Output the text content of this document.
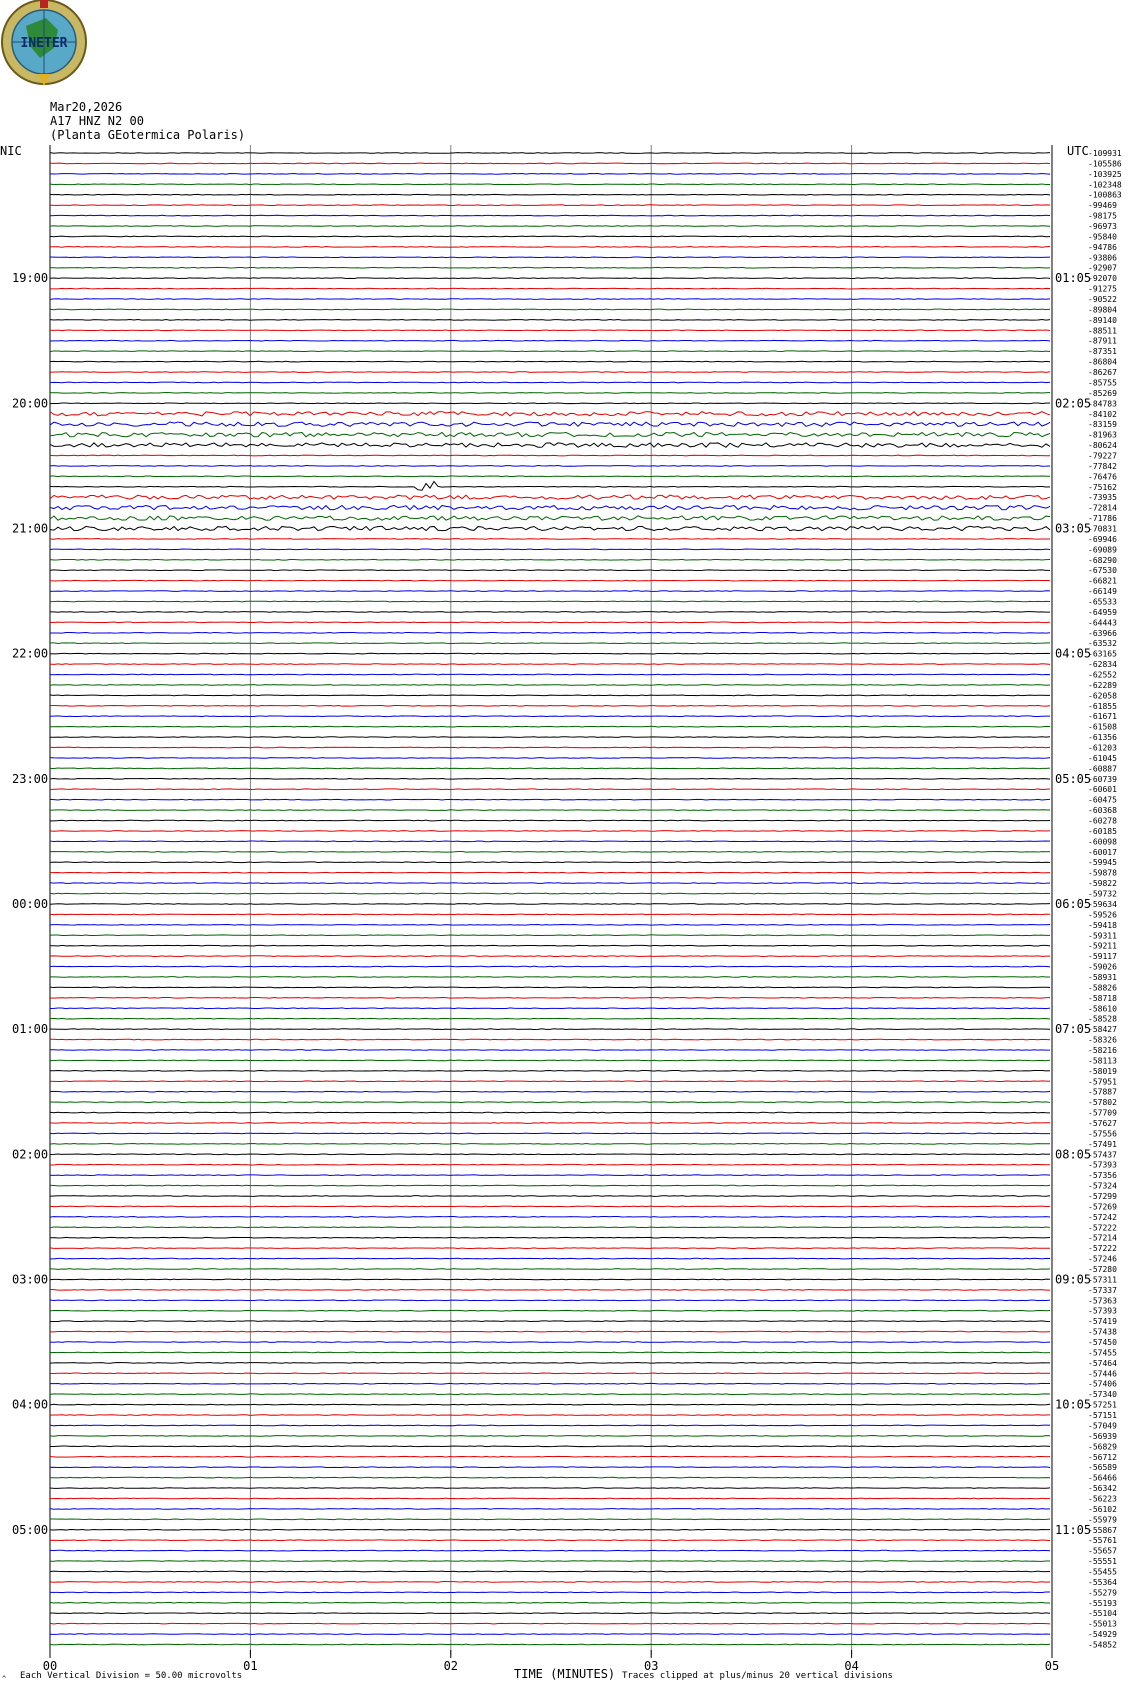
INETER
Mar20,2026
A17 HNZ N2 00
(Planta GEotermica Polaris)
NIC	UTC
19:00
20:00
21:00
22:00
23:00
00:00
01:00
02:00
03:00
04:00
05:00
01:05
02:05
03:05
04:05
05:05
06:05
07:05
08:05
09:05
10:05
11:05
-109931
-105586
-103925
-102348
-100863
-99469
-98175
-96973
-95840
-94786
-93806
-92907
-92070
-91275
-90522
-89804
-89140
-88511
-87911
-87351
-86804
-86267
-85755
-85269
-84783
-84102
-83159
-81963
-80624
-79227
-77842
-76476
-75162
-73935
-72814
-71786
-70831
-69946
-69089
-68290
-67530
-66821
-66149
-65533
-64959
-64443
-63966
-63532
-63165
-62834
-62552
-62289
-62058
-61855
-61671
-61508
-61356
-61203
-61045
-60887
-60739
-60601
-60475
-60368
-60278
-60185
-60098
-60017
-59945
-59878
-59822
-59732
-59634
-59526
-59418
-59311
-59211
-59117
-59026
-58931
-58826
-58718
-58610
-58528
-58427
-58326
-58216
-58113
-58019
-57951
-57887
-57802
-57709
-57627
-57556
-57491
-57437
-57393
-57356
-57324
-57299
-57269
-57242
-57222
-57214
-57222
-57246
-57280
-57311
-57337
-57363
-57393
-57419
-57438
-57450
-57455
-57464
-57446
-57406
-57340
-57251
-57151
-57049
-56939
-56829
-56712
-56589
-56466
-56342
-56223
-56102
-55979
-55867
-55761
-55657
-55551
-55455
-55364
-55279
-55193
-55104
-55013
-54929
-54852
00	01	02	03	04	05
TIME (MINUTES)
Each Vertical Division = 50.00 microvolts	Traces clipped at plus/minus 20 vertical divisions
^
